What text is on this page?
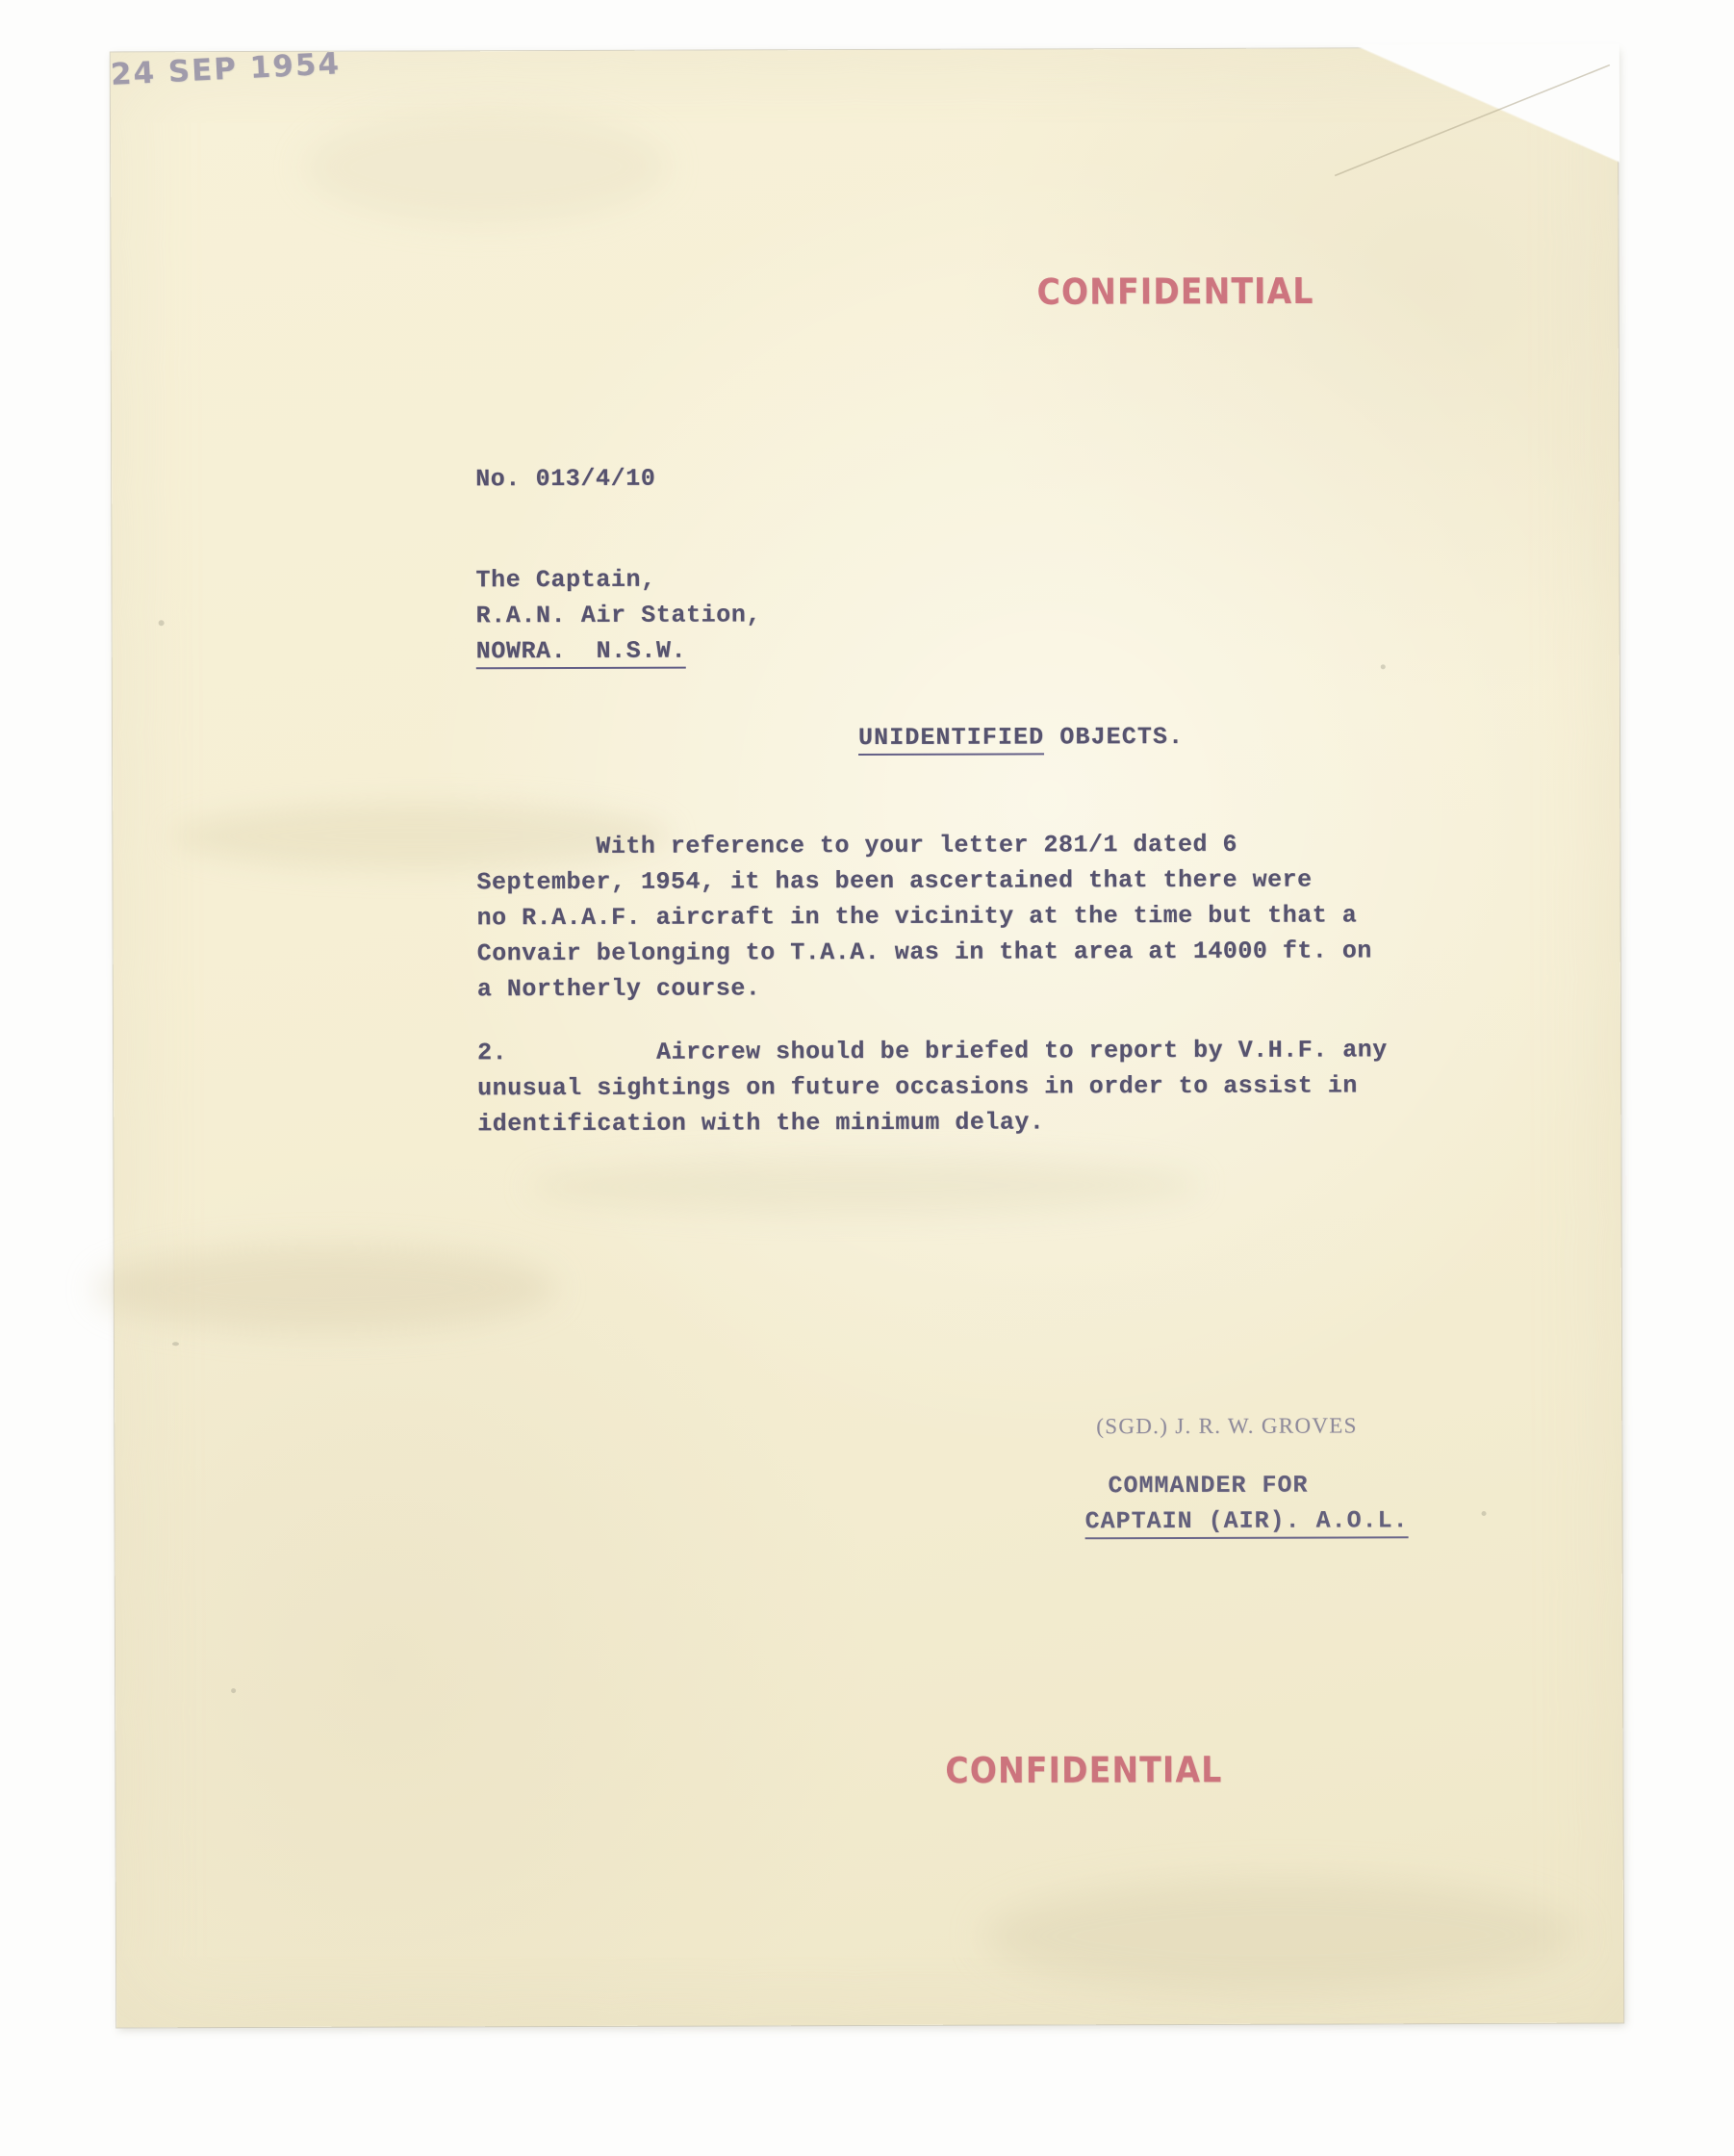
CONFIDENTIAL
No. 013/4/10
24 SEP 1954
The Captain,
R.A.N. Air Station,
NOWRA.  N.S.W.
UNIDENTIFIED OBJECTS.
With reference to your letter 281/1 dated 6
September, 1954, it has been ascertained that there were
no R.A.A.F. aircraft in the vicinity at the time but that a
Convair belonging to T.A.A. was in that area at 14000 ft. on
a Northerly course.
2.          Aircrew should be briefed to report by V.H.F. any
unusual sightings on future occasions in order to assist in
identification with the minimum delay.
(SGD.) J. R. W. GROVES
COMMANDER FOR
CAPTAIN (AIR). A.O.L.
CONFIDENTIAL
